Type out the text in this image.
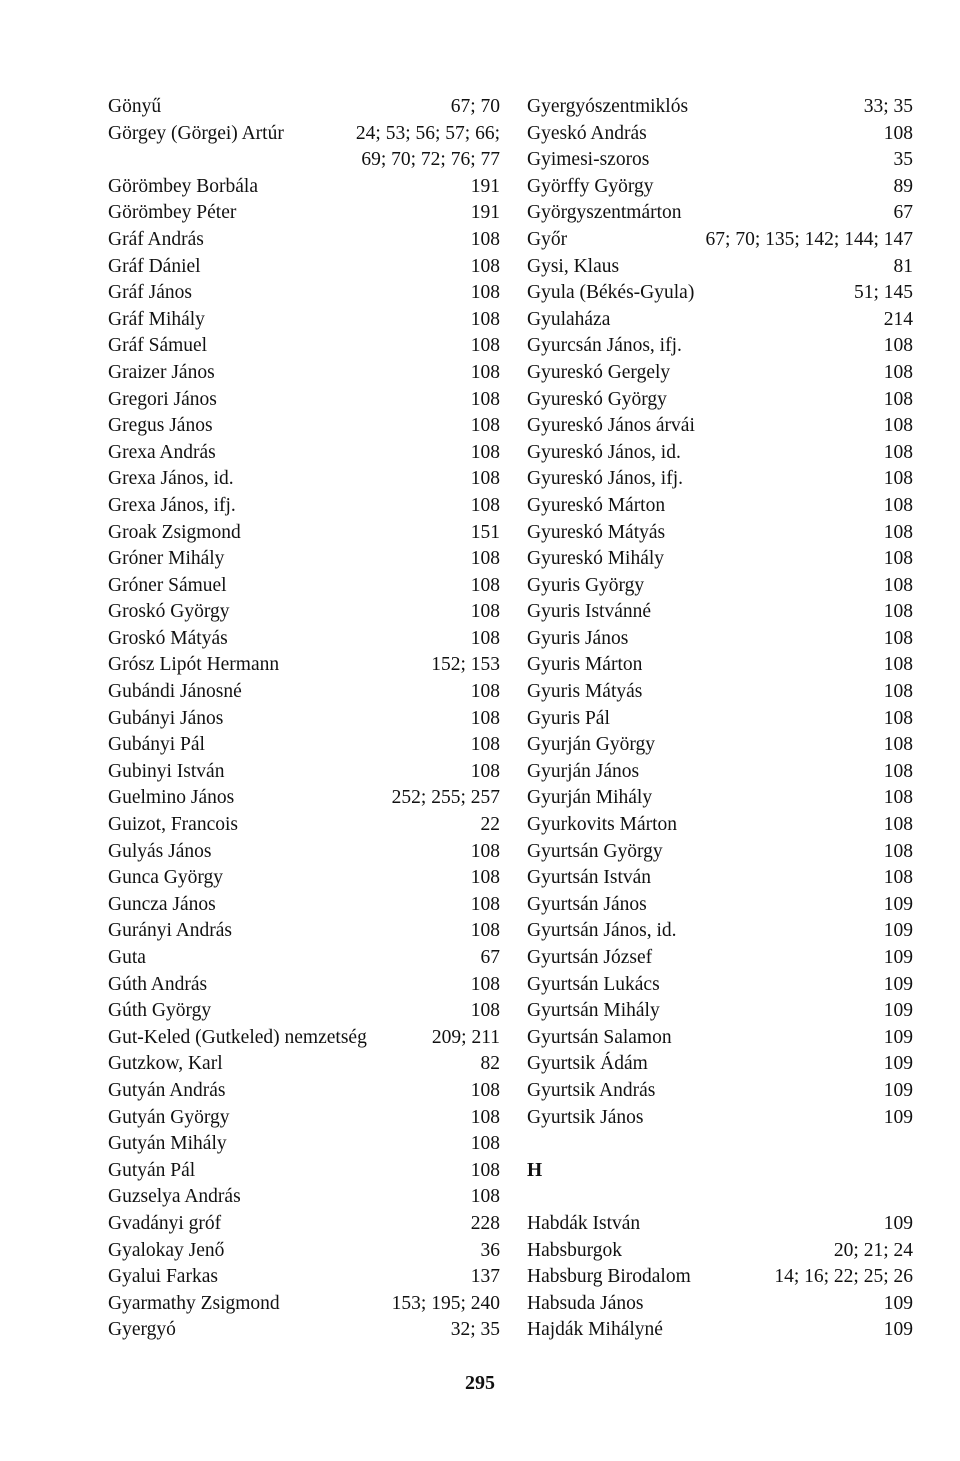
Gönyű	67; 70
Görgey (Görgei) Artúr	24; 53; 56; 57; 66;
69; 70; 72; 76; 77
Görömbey Borbála	191
Görömbey Péter	191
Gráf András	108
Gráf Dániel	108
Gráf János	108
Gráf Mihály	108
Gráf Sámuel	108
Graizer János	108
Gregori János	108
Gregus János	108
Grexa András	108
Grexa János, id.	108
Grexa János, ifj.	108
Groak Zsigmond	151
Gróner Mihály	108
Gróner Sámuel	108
Groskó György	108
Groskó Mátyás	108
Grósz Lipót Hermann	152; 153
Gubándi Jánosné	108
Gubányi János	108
Gubányi Pál	108
Gubinyi István	108
Guelmino János	252; 255; 257
Guizot, Francois	22
Gulyás János	108
Gunca György	108
Guncza János	108
Gurányi András	108
Guta	67
Gúth András	108
Gúth György	108
Gut-Keled (Gutkeled) nemzetség	209; 211
Gutzkow, Karl	82
Gutyán András	108
Gutyán György	108
Gutyán Mihály	108
Gutyán Pál	108
Guzselya András	108
Gvadányi gróf	228
Gyalokay Jenő	36
Gyalui Farkas	137
Gyarmathy Zsigmond	153; 195; 240
Gyergyó	32; 35
Gyergyószentmiklós	33; 35
Gyeskó András	108
Gyimesi-szoros	35
Györffy György	89
Györgyszentmárton	67
Győr	67; 70; 135; 142; 144; 147
Gysi, Klaus	81
Gyula (Békés-Gyula)	51; 145
Gyulaháza	214
Gyurcsán János, ifj.	108
Gyureskó Gergely	108
Gyureskó György	108
Gyureskó János árvái	108
Gyureskó János, id.	108
Gyureskó János, ifj.	108
Gyureskó Márton	108
Gyureskó Mátyás	108
Gyureskó Mihály	108
Gyuris György	108
Gyuris Istvánné	108
Gyuris János	108
Gyuris Márton	108
Gyuris Mátyás	108
Gyuris Pál	108
Gyurján György	108
Gyurján János	108
Gyurján Mihály	108
Gyurkovits Márton	108
Gyurtsán György	108
Gyurtsán István	108
Gyurtsán János	109
Gyurtsán János, id.	109
Gyurtsán József	109
Gyurtsán Lukács	109
Gyurtsán Mihály	109
Gyurtsán Salamon	109
Gyurtsik Ádám	109
Gyurtsik András	109
Gyurtsik János	109
H
Habdák István	109
Habsburgok	20; 21; 24
Habsburg Birodalom	14; 16; 22; 25; 26
Habsuda János	109
Hajdák Mihályné	109
295
